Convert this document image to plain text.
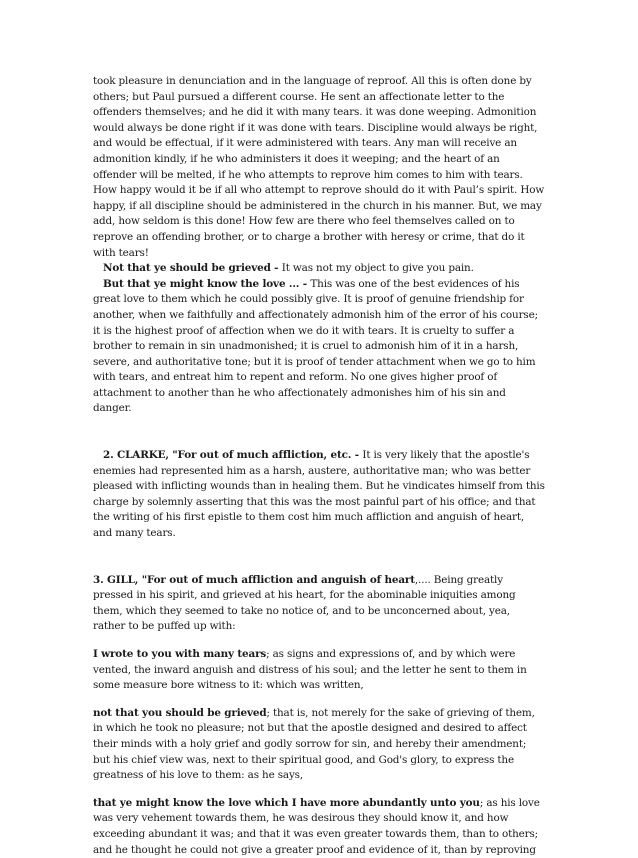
took pleasure in denunciation and in the language of reproof. All this is often done by others; but Paul pursued a different course. He sent an affectionate letter to the offenders themselves; and he did it with many tears. it was done weeping. Admonition would always be done right if it was done with tears. Discipline would always be right, and would be effectual, if it were administered with tears. Any man will receive an admonition kindly, if he who administers it does it weeping; and the heart of an offender will be melted, if he who attempts to reprove him comes to him with tears. How happy would it be if all who attempt to reprove should do it with Paul’s spirit. How happy, if all discipline should be administered in the church in his manner. But, we may add, how seldom is this done! How few are there who feel themselves called on to reprove an offending brother, or to charge a brother with heresy or crime, that do it with tears!

Not that ye should be grieved - It was not my object to give you pain.

But that ye might know the love ... - This was one of the best evidences of his great love to them which he could possibly give. It is proof of genuine friendship for another, when we faithfully and affectionately admonish him of the error of his course; it is the highest proof of affection when we do it with tears. It is cruelty to suffer a brother to remain in sin unadmonished; it is cruel to admonish him of it in a harsh, severe, and authoritative tone; but it is proof of tender attachment when we go to him with tears, and entreat him to repent and reform. No one gives higher proof of attachment to another than he who affectionately admonishes him of his sin and danger.

2. CLARKE, "For out of much affliction, etc. - It is very likely that the apostle's enemies had represented him as a harsh, austere, authoritative man; who was better pleased with inflicting wounds than in healing them. But he vindicates himself from this charge by solemnly asserting that this was the most painful part of his office; and that the writing of his first epistle to them cost him much affliction and anguish of heart, and many tears.

3. GILL, "For out of much affliction and anguish of heart,.... Being greatly pressed in his spirit, and grieved at his heart, for the abominable iniquities among them, which they seemed to take no notice of, and to be unconcerned about, yea, rather to be puffed up with:

I wrote to you with many tears; as signs and expressions of, and by which were vented, the inward anguish and distress of his soul; and the letter he sent to them in some measure bore witness to it: which was written,

not that you should be grieved; that is, not merely for the sake of grieving of them, in which he took no pleasure; not but that the apostle designed and desired to affect their minds with a holy grief and godly sorrow for sin, and hereby their amendment; but his chief view was, next to their spiritual good, and God's glory, to express the greatness of his love to them: as he says,

that ye might know the love which I have more abundantly unto you; as his love was very vehement towards them, he was desirous they should know it, and how exceeding abundant it was; and that it was even greater towards them, than to others; and he thought he could not give a greater proof and evidence of it, than by reproving
